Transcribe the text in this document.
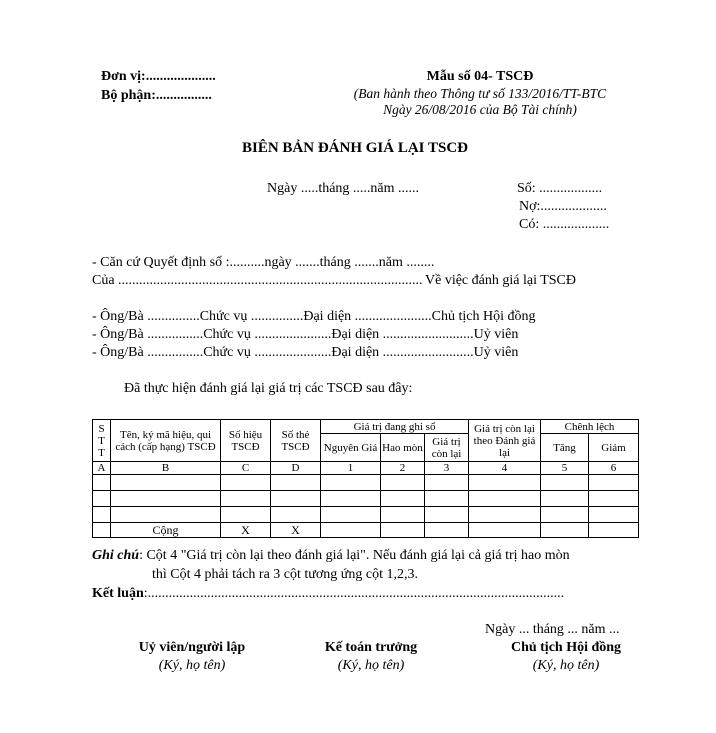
Đơn vị:....................
Bộ phận:................
Mẫu số 04- TSCĐ
(Ban hành theo Thông tư số 133/2016/TT-BTC
Ngày 26/08/2016 của Bộ Tài chính)
BIÊN BẢN ĐÁNH GIÁ LẠI TSCĐ
Ngày .....tháng .....năm ......	Số: ..................
Nợ:...................
Có: ...................
- Căn cứ Quyết định số :..........ngày .......tháng .......năm ........
Của ....................................................................................... Về việc đánh giá lại TSCĐ
- Ông/Bà ...............Chức vụ ...............Đại diện ......................Chủ tịch Hội đồng
- Ông/Bà ................Chức vụ ......................Đại diện ..........................Uỷ viên
- Ông/Bà ................Chức vụ ......................Đại diện ..........................Uỷ viên
Đã thực hiện đánh giá lại giá trị các TSCĐ sau đây:
S
T
T	Tên, ký mã hiệu, qui cách (cấp hạng) TSCĐ	Số hiệu TSCĐ	Số thẻ TSCĐ	Giá trị đang ghi sổ			Giá trị còn lại theo Đánh giá lại	Chênh lệch	
				Nguyên Giá	Hao mòn	Giá trị còn lại		Tăng	Giảm
A	B	C	D	1	2	3	4	5	6

	Cộng	X	X						
Ghi chú: Cột 4 "Giá trị còn lại theo đánh giá lại". Nếu đánh giá lại cả giá trị hao mòn
thì Cột 4 phải tách ra 3 cột tương ứng cột 1,2,3.
Kết luận:.......................................................................................................................
Ngày ... tháng ... năm ...
Uỷ viên/người lập
(Ký, họ tên)
Kế toán trưởng
(Ký, họ tên)
Chủ tịch Hội đồng
(Ký, họ tên)
